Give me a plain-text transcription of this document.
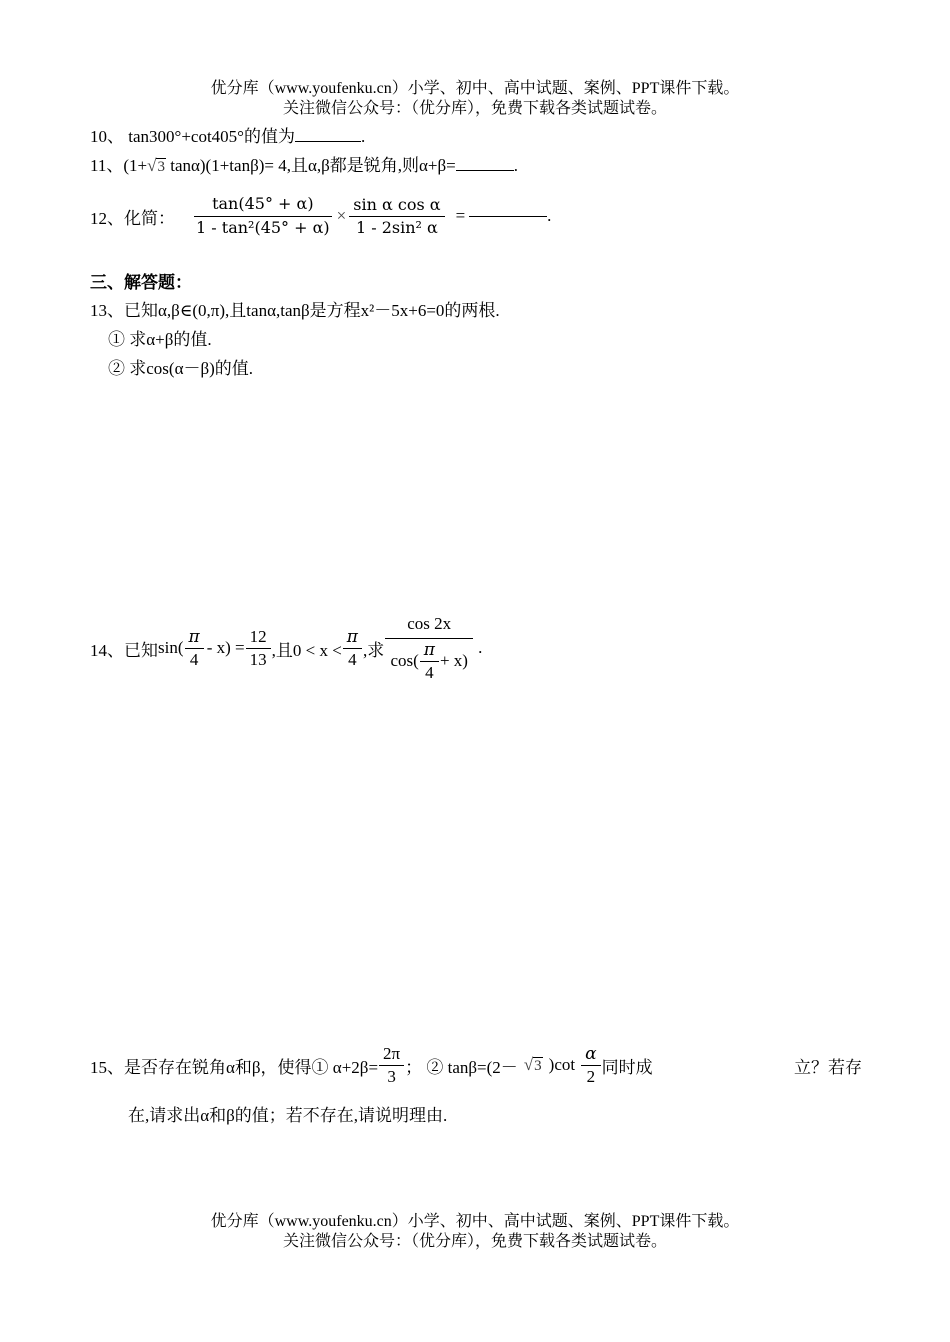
优分库（www.youfenku.cn）小学、初中、高中试题、案例、PPT课件下载。
关注微信公众号：（优分库），免费下载各类试题试卷。
10、 tan300°+cot405°的值为	.
11、(1+√3 tanα)(1+tanβ)= 4,且α,β都是锐角,则α+β=	.
12、化简： $\frac{\tan(45^\circ + \alpha)}{\text{1 - tan²(45° + α)}} \times \frac{\text{sin α cos α}}{\text{1 - 2sin² α}}$ =	.
三、解答题：
13、已知α,β∈(0,π),且tanα,tanβ是方程x²－5x+6=0的两根.
① 求α+β的值.
② 求cos(α－β)的值.
14、已知 $\sin( \frac{\pi}{4} - x) = \frac{12}{13}$ ,且$0 < x < \frac{\pi}{4}$ ,求 $\frac{\cos 2x}{\cos( \frac{\pi}{4} + x)}$ .
15、是否存在锐角α和β，使得① $\alpha+2\beta= \frac{2\pi}{3}$ ； ② tanβ=(2－ √3 )$\cot \frac{\alpha}{2}$ 同时成	立？若存
在,请求出α和β的值；若不存在,请说明理由.
优分库（www.youfenku.cn）小学、初中、高中试题、案例、PPT课件下载。
关注微信公众号：（优分库），免费下载各类试题试卷。
